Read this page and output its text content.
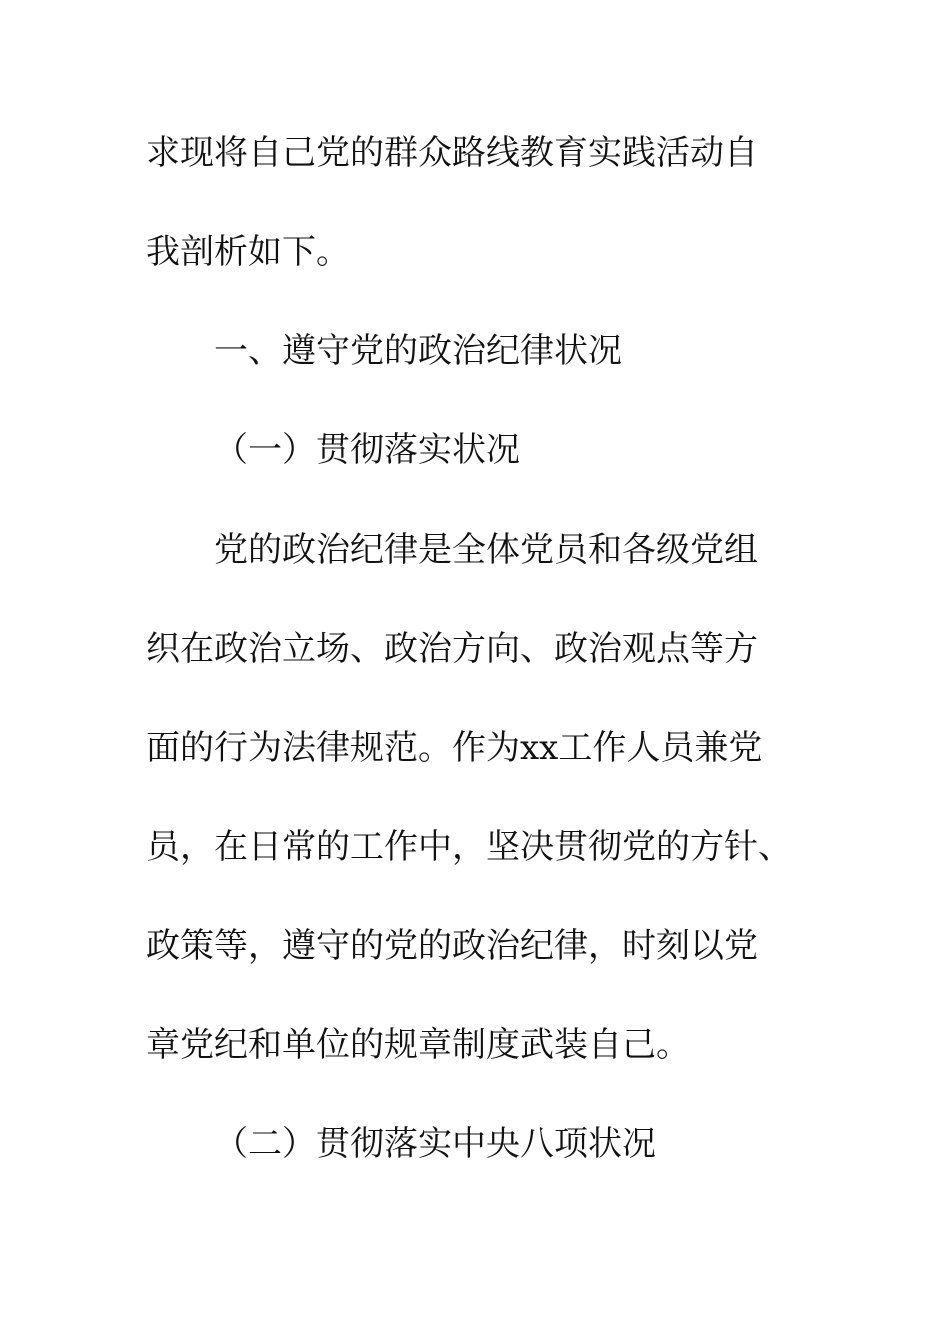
求现将自己党的群众路线教育实践活动自
我剖析如下。
一、遵守党的政治纪律状况
（一）贯彻落实状况
党的政治纪律是全体党员和各级党组
织在政治立场、政治方向、政治观点等方
面的行为法律规范。作为xx工作人员兼党
员，在日常的工作中，坚决贯彻党的方针、
政策等，遵守的党的政治纪律，时刻以党
章党纪和单位的规章制度武装自己。
（二）贯彻落实中央八项状况
